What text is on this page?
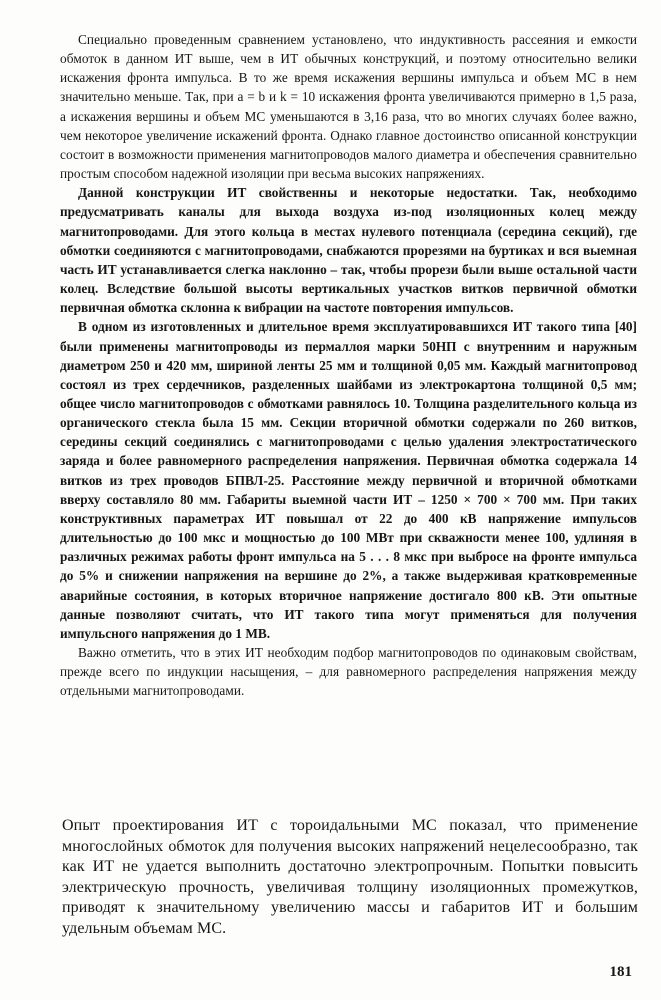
Специально проведенным сравнением установлено, что индуктивность рассеяния и емкости обмоток в данном ИТ выше, чем в ИТ обычных конструкций, и поэтому относительно велики искажения фронта импульса. В то же время искажения вершины импульса и объем МС в нем значительно меньше. Так, при a = b и k = 10 искажения фронта увеличиваются примерно в 1,5 раза, а искажения вершины и объем МС уменьшаются в 3,16 раза, что во многих случаях более важно, чем некоторое увеличение искажений фронта. Однако главное достоинство описанной конструкции состоит в возможности применения магнитопроводов малого диаметра и обеспечения сравнительно простым способом надежной изоляции при весьма высоких напряжениях.

Данной конструкции ИТ свойственны и некоторые недостатки. Так, необходимо предусматривать каналы для выхода воздуха из-под изоляционных колец между магнитопроводами. Для этого кольца в местах нулевого потенциала (середина секций), где обмотки соединяются с магнитопроводами, снабжаются прорезями на буртиках и вся выемная часть ИТ устанавливается слегка наклонно – так, чтобы прорези были выше остальной части колец. Вследствие большой высоты вертикальных участков витков первичной обмотки первичная обмотка склонна к вибрации на частоте повторения импульсов.

В одном из изготовленных и длительное время эксплуатировавшихся ИТ такого типа [40] были применены магнитопроводы из пермаллоя марки 50НП с внутренним и наружным диаметром 250 и 420 мм, шириной ленты 25 мм и толщиной 0,05 мм. Каждый магнитопровод состоял из трех сердечников, разделенных шайбами из электрокартона толщиной 0,5 мм; общее число магнитопроводов с обмотками равнялось 10. Толщина разделительного кольца из органического стекла была 15 мм. Секции вторичной обмотки содержали по 260 витков, середины секций соединялись с магнитопроводами с целью удаления электростатического заряда и более равномерного распределения напряжения. Первичная обмотка содержала 14 витков из трех проводов БПВЛ-25. Расстояние между первичной и вторичной обмотками вверху составляло 80 мм. Габариты выемной части ИТ – 1250 × 700 × 700 мм. При таких конструктивных параметрах ИТ повышал от 22 до 400 кВ напряжение импульсов длительностью до 100 мкс и мощностью до 100 МВт при скважности менее 100, удлиняя в различных режимах работы фронт импульса на 5 . . . 8 мкс при выбросе на фронте импульса до 5% и снижении напряжения на вершине до 2%, а также выдерживая кратковременные аварийные состояния, в которых вторичное напряжение достигало 800 кВ. Эти опытные данные позволяют считать, что ИТ такого типа могут применяться для получения импульсного напряжения до 1 МВ.

Важно отметить, что в этих ИТ необходим подбор магнитопроводов по одинаковым свойствам, прежде всего по индукции насыщения, – для равномерного распределения напряжения между отдельными магнитопроводами.

Опыт проектирования ИТ с тороидальными МС показал, что применение многослойных обмоток для получения высоких напряжений нецелесообразно, так как ИТ не удается выполнить достаточно электропрочным. Попытки повысить электрическую прочность, увеличивая толщину изоляционных промежутков, приводят к значительному увеличению массы и габаритов ИТ и большим удельным объемам МС.

181
